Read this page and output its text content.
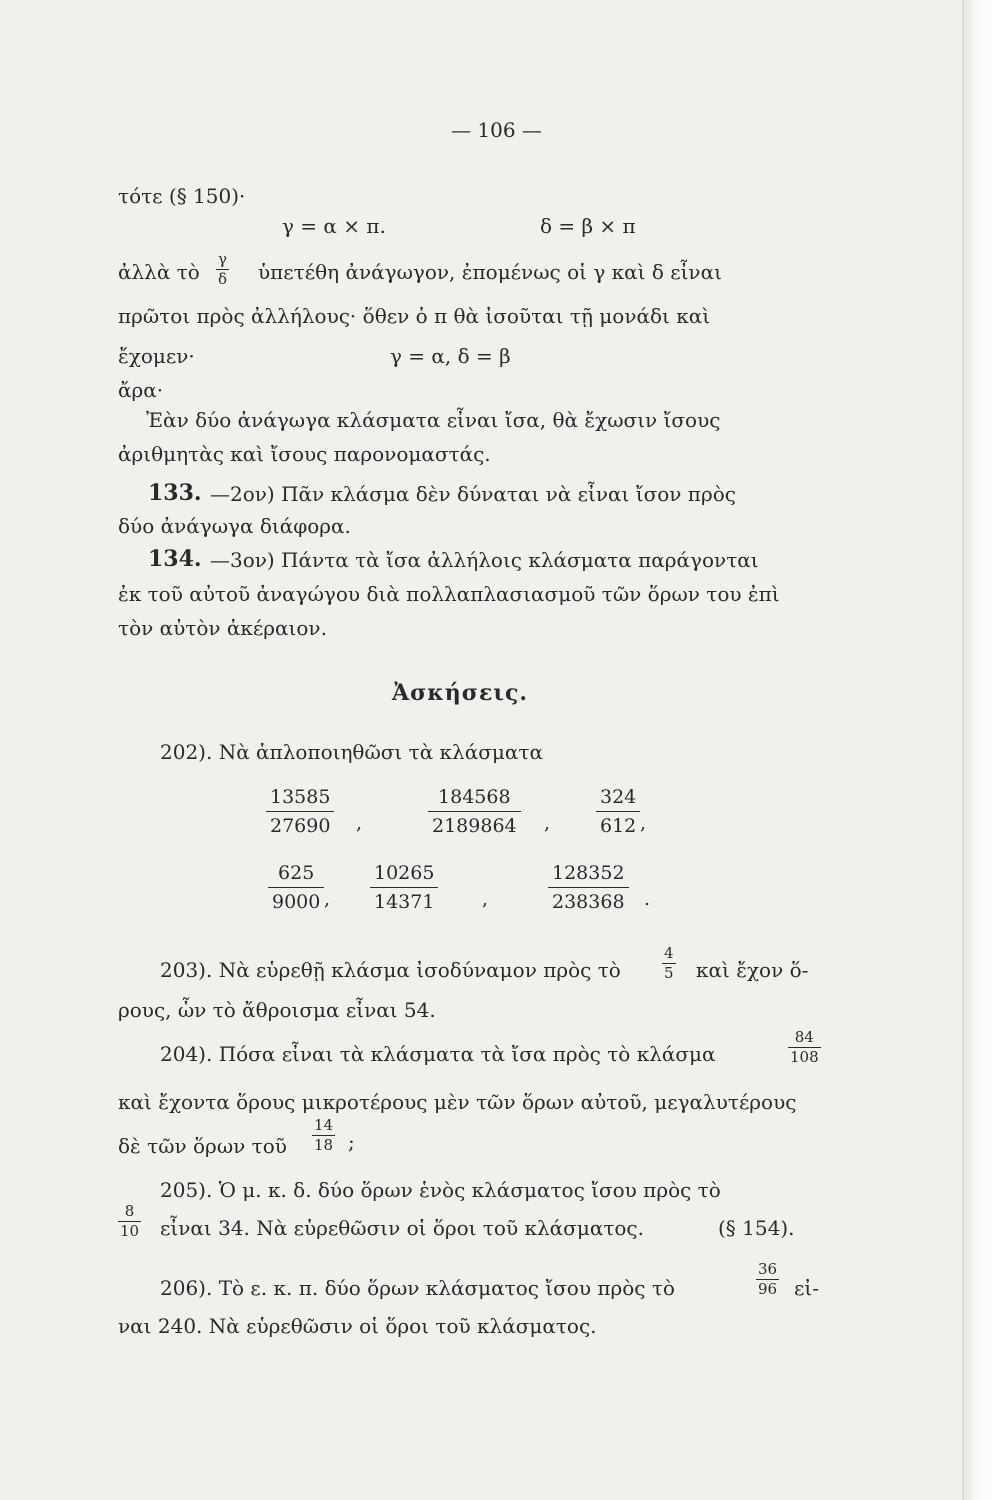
— 106 —
τότε (§ 150)·
γ = α × π.	δ = β × π
ἀλλὰ τὸ $\frac{\gamma}{\delta}$ ὑπετέθη ἀνάγωγον, ἐπομένως οἱ γ καὶ δ εἶναι
πρῶτοι πρὸς ἀλλήλους· ὅθεν ὁ π θὰ ἰσοῦται τῇ μονάδι καὶ
ἔχομεν·	γ = α, δ = β
ἄρα·
Ἐὰν δύο ἀνάγωγα κλάσματα εἶναι ἴσα, θὰ ἔχωσιν ἴσους
ἀριθμητὰς καὶ ἴσους παρονομαστάς.
133. —2ον) Πᾶν κλάσμα δὲν δύναται νὰ εἶναι ἴσον πρὸς
δύο ἀνάγωγα διάφορα.
134. —3ον) Πάντα τὰ ἴσα ἀλλήλοις κλάσματα παράγονται
ἐκ τοῦ αὐτοῦ ἀναγώγου διὰ πολλαπλασιασμοῦ τῶν ὅρων του ἐπὶ
τὸν αὐτὸν ἀκέραιον.
Ἀσκήσεις.
202). Νὰ ἁπλοποιηθῶσι τὰ κλάσματα
$\frac{13585}{27690}$ ,	$\frac{184568}{2189864}$ , $\frac{324}{612}$ ,
$\frac{625}{9000}$ , $\frac{10265}{14371}$ ,	$\frac{128352}{238368}$ .
203). Νὰ εὑρεθῇ κλάσμα ἰσοδύναμον πρὸς τὸ	$\frac{4}{5}$ καὶ ἔχον ὅ-
ρους, ὧν τὸ ἄθροισμα εἶναι 54.
204). Πόσα εἶναι τὰ κλάσματα τὰ ἴσα πρὸς τὸ κλάσμα	$\frac{84}{108}$
καὶ ἔχοντα ὅρους μικροτέρους μὲν τῶν ὅρων αὐτοῦ, μεγαλυτέρους
δὲ τῶν ὅρων τοῦ $\frac{14}{18}$ ;
205). Ὁ μ. κ. δ. δύο ὅρων ἑνὸς κλάσματος ἴσου πρὸς τὸ
$\frac{8}{10}$ εἶναι 34. Νὰ εὑρεθῶσιν οἱ ὅροι τοῦ κλάσματος.	(§ 154).
206). Τὸ ε. κ. π. δύο ὅρων κλάσματος ἴσου πρὸς τὸ	$\frac{36}{96}$ εἰ-
ναι 240. Νὰ εὑρεθῶσιν οἱ ὅροι τοῦ κλάσματος.
